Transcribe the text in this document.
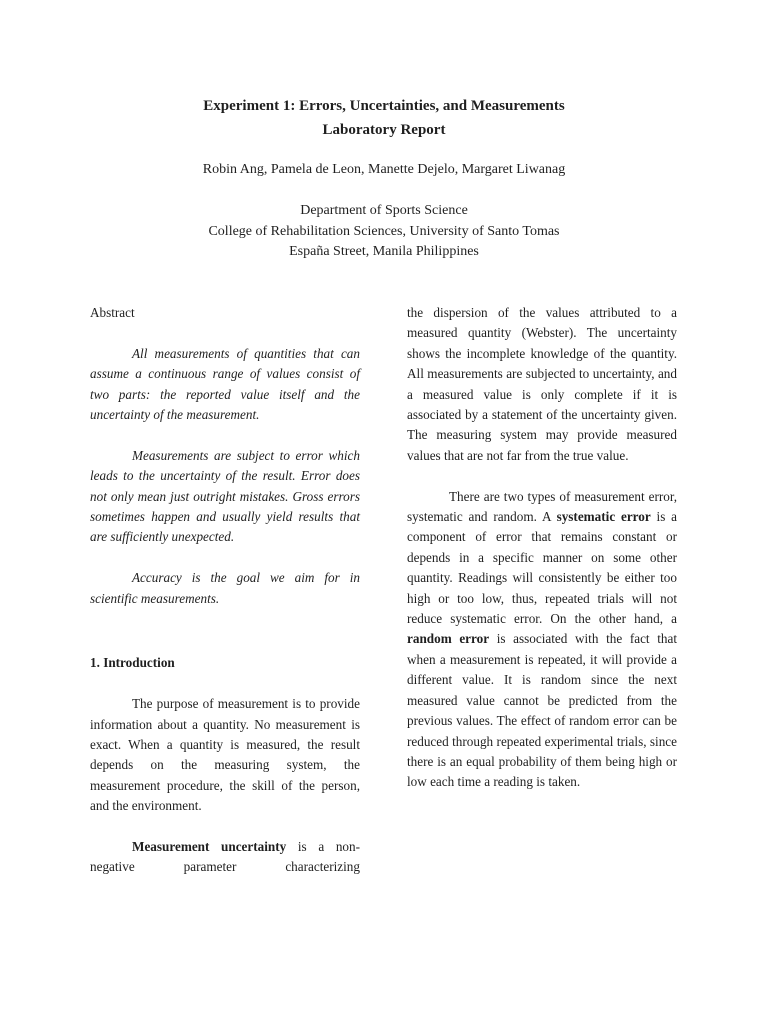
Experiment 1: Errors, Uncertainties, and Measurements
Laboratory Report
Robin Ang, Pamela de Leon, Manette Dejelo, Margaret Liwanag
Department of Sports Science
College of Rehabilitation Sciences, University of Santo Tomas
España Street, Manila Philippines

Abstract

All measurements of quantities that can assume a continuous range of values consist of two parts: the reported value itself and the uncertainty of the measurement.

Measurements are subject to error which leads to the uncertainty of the result. Error does not only mean just outright mistakes. Gross errors sometimes happen and usually yield results that are sufficiently unexpected.

Accuracy is the goal we aim for in scientific measurements.

1. Introduction

The purpose of measurement is to provide information about a quantity. No measurement is exact. When a quantity is measured, the result depends on the measuring system, the measurement procedure, the skill of the person, and the environment.

Measurement uncertainty is a non-negative parameter characterizing

the dispersion of the values attributed to a measured quantity (Webster). The uncertainty shows the incomplete knowledge of the quantity. All measurements are subjected to uncertainty, and a measured value is only complete if it is associated by a statement of the uncertainty given. The measuring system may provide measured values that are not far from the true value.

There are two types of measurement error, systematic and random. A systematic error is a component of error that remains constant or depends in a specific manner on some other quantity. Readings will consistently be either too high or too low, thus, repeated trials will not reduce systematic error. On the other hand, a random error is associated with the fact that when a measurement is repeated, it will provide a different value. It is random since the next measured value cannot be predicted from the previous values. The effect of random error can be reduced through repeated experimental trials, since there is an equal probability of them being high or low each time a reading is taken.
